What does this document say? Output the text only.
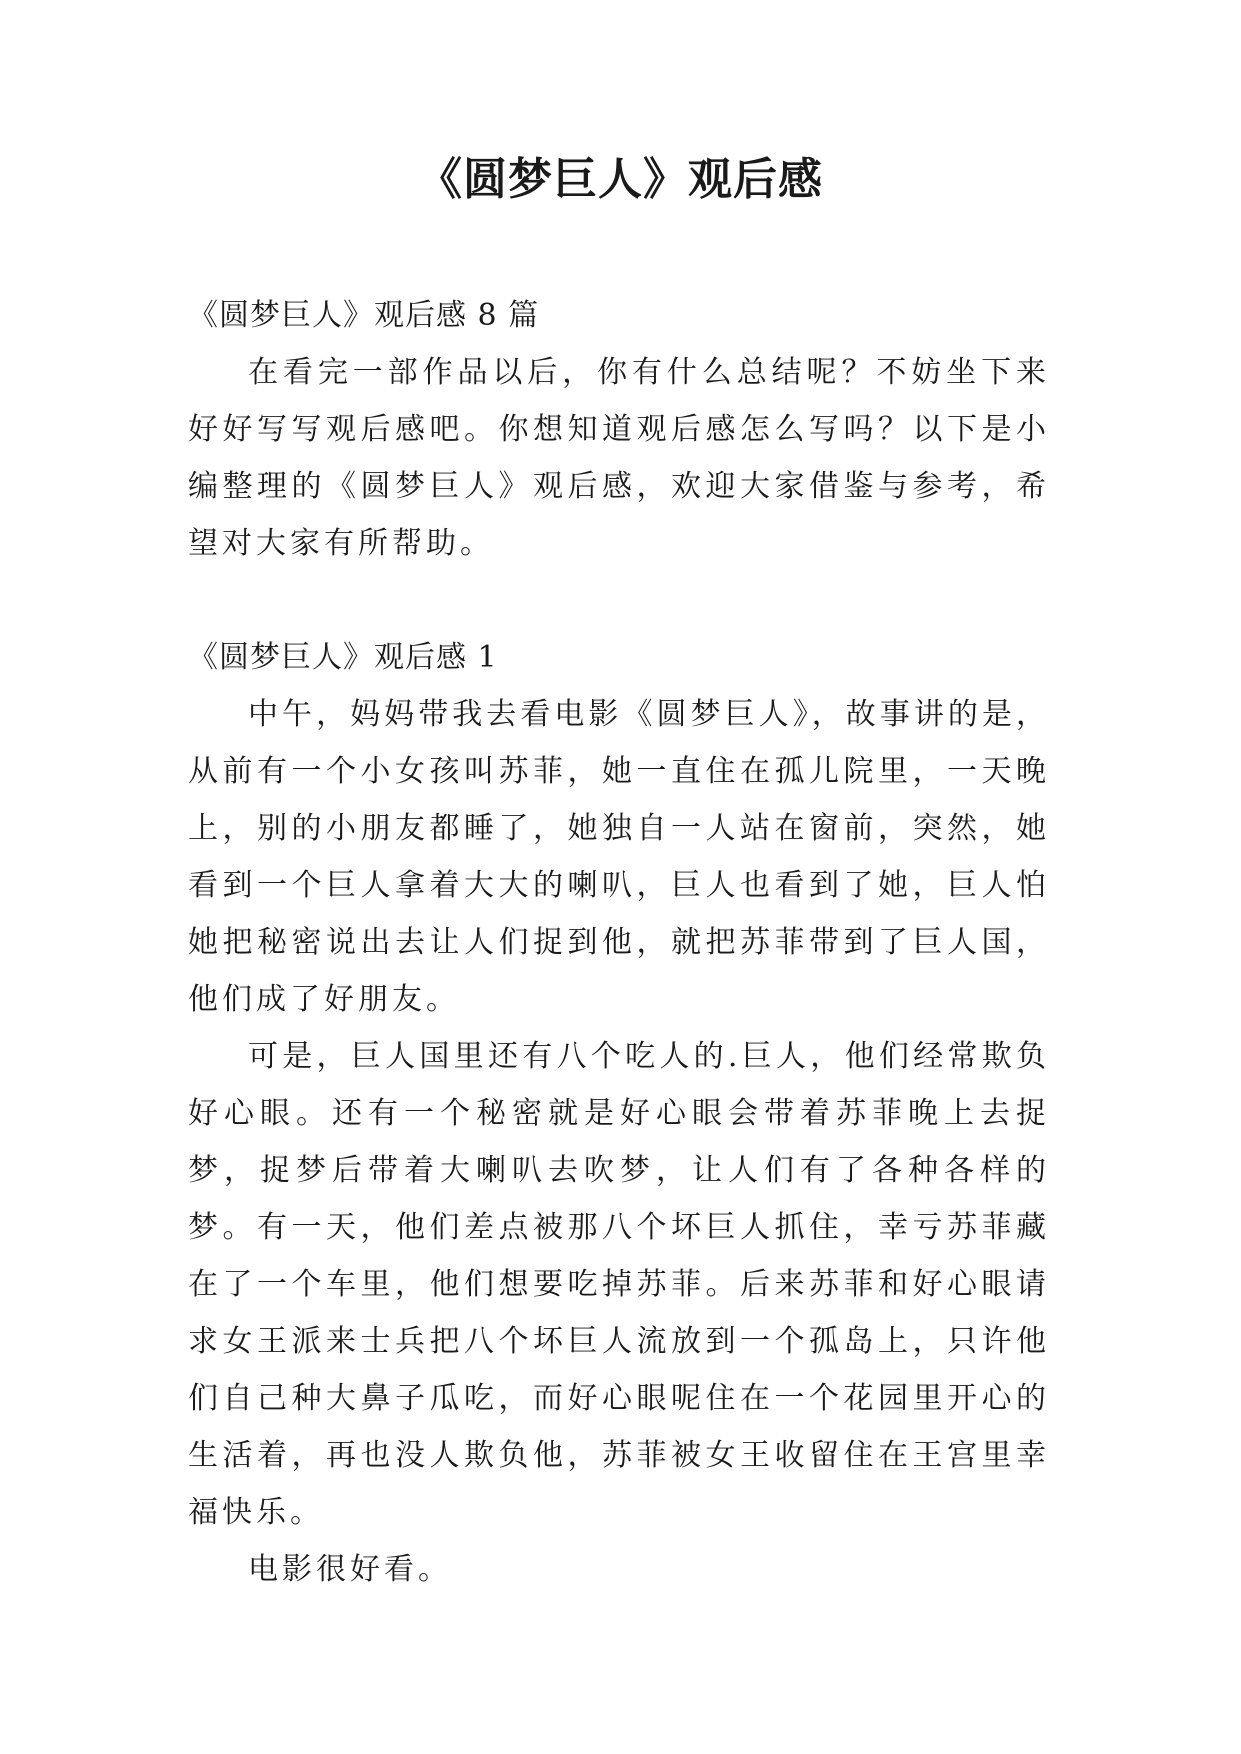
《圆梦巨人》观后感

《圆梦巨人》观后感 8 篇

在看完一部作品以后，你有什么总结呢？不妨坐下来好好写写观后感吧。你想知道观后感怎么写吗？以下是小编整理的《圆梦巨人》观后感，欢迎大家借鉴与参考，希望对大家有所帮助。

《圆梦巨人》观后感 1

中午，妈妈带我去看电影《圆梦巨人》，故事讲的是，从前有一个小女孩叫苏菲，她一直住在孤儿院里，一天晚上，别的小朋友都睡了，她独自一人站在窗前，突然，她看到一个巨人拿着大大的喇叭，巨人也看到了她，巨人怕她把秘密说出去让人们捉到他，就把苏菲带到了巨人国，他们成了好朋友。

可是，巨人国里还有八个吃人的.巨人，他们经常欺负好心眼。还有一个秘密就是好心眼会带着苏菲晚上去捉梦，捉梦后带着大喇叭去吹梦，让人们有了各种各样的梦。有一天，他们差点被那八个坏巨人抓住，幸亏苏菲藏在了一个车里，他们想要吃掉苏菲。后来苏菲和好心眼请求女王派来士兵把八个坏巨人流放到一个孤岛上，只许他们自己种大鼻子瓜吃，而好心眼呢住在一个花园里开心的生活着，再也没人欺负他，苏菲被女王收留住在王宫里幸福快乐。

电影很好看。
